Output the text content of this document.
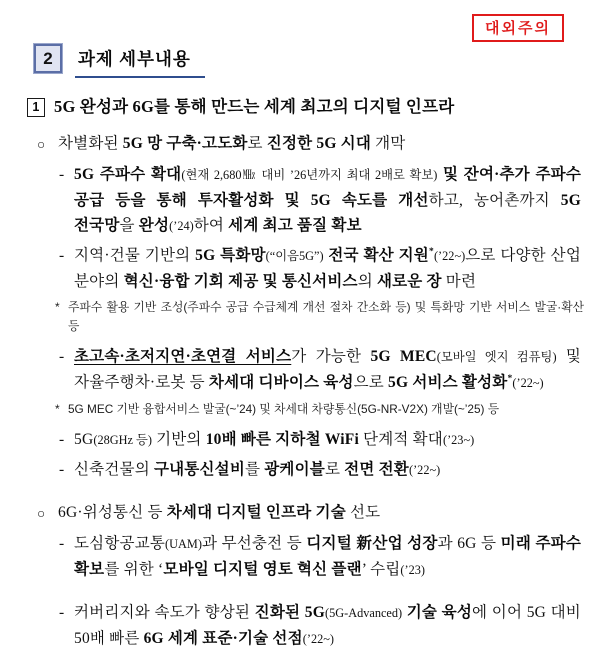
대외주의
2	과제 세부내용
1 5G 완성과 6G를 통해 만드는 세계 최고의 디지털 인프라
○ 차별화된 5G 망 구축·고도화로 진정한 5G 시대 개막
- 5G 주파수 확대(현재 2,680㎒ 대비 ’26년까지 최대 2배로 확보) 및 잔여·추가 주파수 공급 등을 통해 투자활성화 및 5G 속도를 개선하고, 농어촌까지 5G 전국망을 완성(’24)하여 세계 최고 품질 확보
- 지역·건물 기반의 5G 특화망(“이음5G”) 전국 확산 지원*(’22~)으로 다양한 산업 분야의 혁신·융합 기회 제공 및 통신서비스의 새로운 장 마련
* 주파수 활용 기반 조성(주파수 공급 수급체계 개선 절차 간소화 등) 및 특화망 기반 서비스 발굴·확산 등
- 초고속·초저지연·초연결 서비스가 가능한 5G MEC(모바일 엣지 컴퓨팅) 및 자율주행차·로봇 등 차세대 디바이스 육성으로 5G 서비스 활성화*(’22~)
* 5G MEC 기반 융합서비스 발굴(~’24) 및 차세대 차량통신(5G-NR-V2X) 개발(~’25) 등
- 5G(28GHz 등) 기반의 10배 빠른 지하철 WiFi 단계적 확대(’23~)
- 신축건물의 구내통신설비를 광케이블로 전면 전환(’22~)
○ 6G·위성통신 등 차세대 디지털 인프라 기술 선도
- 도심항공교통(UAM)과 무선충전 등 디지털 新산업 성장과 6G 등 미래 주파수 확보를 위한 ‘모바일 디지털 영토 혁신 플랜’ 수립(’23)
- 커버리지와 속도가 향상된 진화된 5G(5G-Advanced) 기술 육성에 이어 5G 대비 50배 빠른 6G 세계 표준·기술 선점(’22~)
